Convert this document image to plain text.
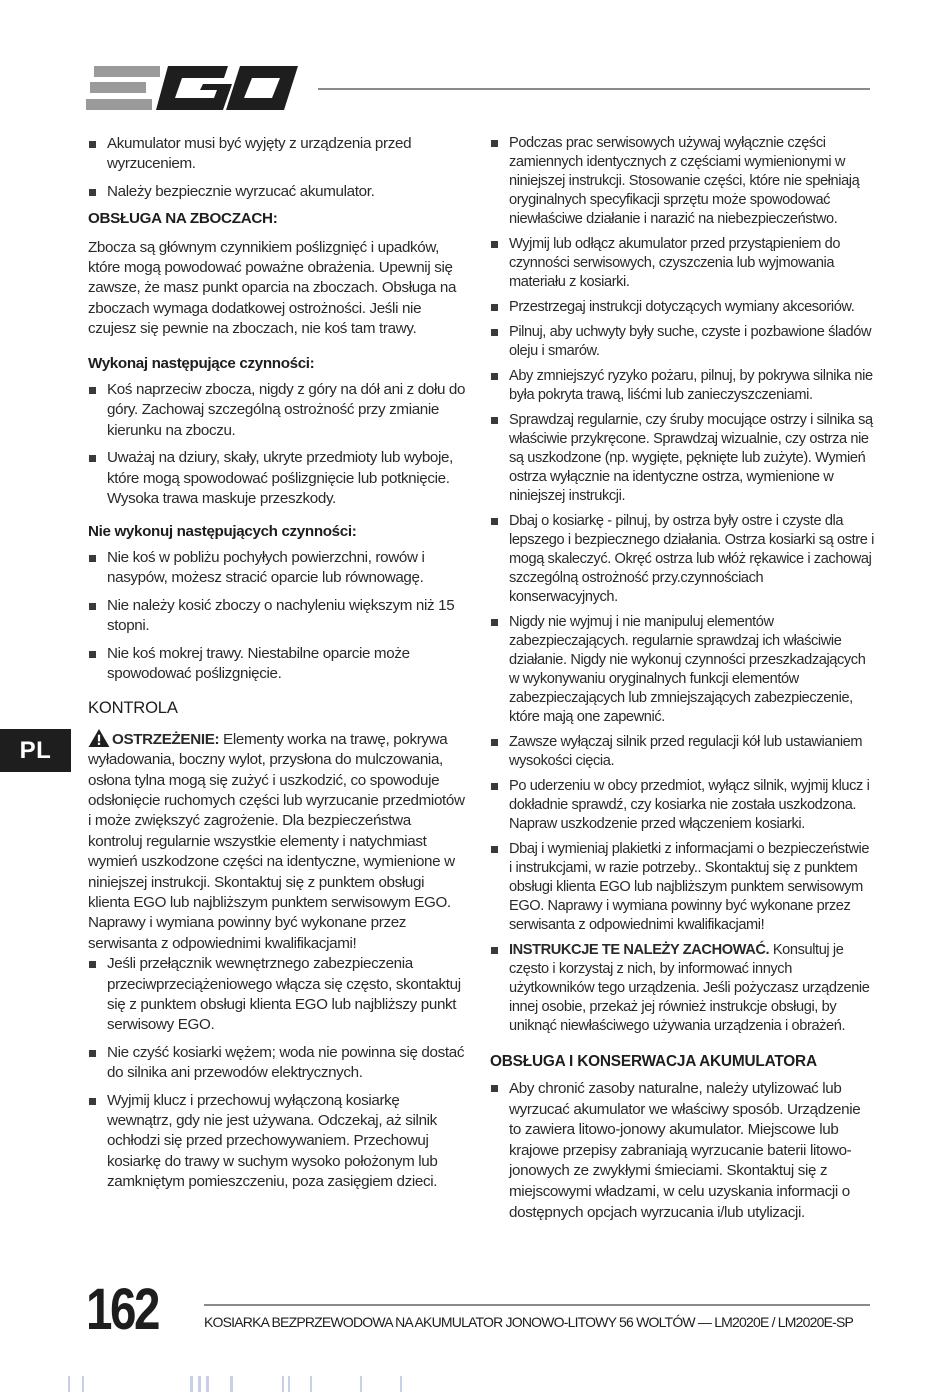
Akumulator musi być wyjęty z urządzenia przed wyrzuceniem.
Należy bezpiecznie wyrzucać akumulator.
OBSŁUGA NA ZBOCZACH:

Zbocza są głównym czynnikiem poślizgnięć i upadków, które mogą powodować poważne obrażenia. Upewnij się zawsze, że masz punkt oparcia na zboczach. Obsługa na zboczach wymaga dodatkowej ostrożności. Jeśli nie czujesz się pewnie na zboczach, nie koś tam trawy.

Wykonaj następujące czynności:
Koś naprzeciw zbocza, nigdy z góry na dół ani z dołu do góry. Zachowaj szczególną ostrożność przy zmianie kierunku na zboczu.
Uważaj na dziury, skały, ukryte przedmioty lub wyboje, które mogą spowodować poślizgnięcie lub potknięcie. Wysoka trawa maskuje przeszkody.
Nie wykonuj następujących czynności:
Nie koś w pobliżu pochyłych powierzchni, rowów i nasypów, możesz stracić oparcie lub równowagę.
Nie należy kosić zboczy o nachyleniu większym niż 15 stopni.
Nie koś mokrej trawy. Niestabilne oparcie może spowodować poślizgnięcie.
KONTROLA

OSTRZEŻENIE: Elementy worka na trawę, pokrywa wyładowania, boczny wylot, przysłona do mulczowania, osłona tylna mogą się zużyć i uszkodzić, co spowoduje odsłonięcie ruchomych części lub wyrzucanie przedmiotów i może zwiększyć zagrożenie. Dla bezpieczeństwa kontroluj regularnie wszystkie elementy i natychmiast wymień uszkodzone części na identyczne, wymienione w niniejszej instrukcji. Skontaktuj się z punktem obsługi klienta EGO lub najbliższym punktem serwisowym EGO. Naprawy i wymiana powinny być wykonane przez serwisanta z odpowiednimi kwalifikacjami!

Jeśli przełącznik wewnętrznego zabezpieczenia przeciwprzeciążeniowego włącza się często, skontaktuj się z punktem obsługi klienta EGO lub najbliższy punkt serwisowy EGO.
Nie czyść kosiarki wężem; woda nie powinna się dostać do silnika ani przewodów elektrycznych.
Wyjmij klucz i przechowuj wyłączoną kosiarkę wewnątrz, gdy nie jest używana. Odczekaj, aż silnik ochłodzi się przed przechowywaniem. Przechowuj kosiarkę do trawy w suchym wysoko położonym lub zamkniętym pomieszczeniu, poza zasięgiem dzieci.
Podczas prac serwisowych używaj wyłącznie części zamiennych identycznych z częściami wymienionymi w niniejszej instrukcji. Stosowanie części, które nie spełniają oryginalnych specyfikacji sprzętu może spowodować niewłaściwe działanie i narazić na niebezpieczeństwo.
Wyjmij lub odłącz akumulator przed przystąpieniem do czynności serwisowych, czyszczenia lub wyjmowania materiału z kosiarki.
Przestrzegaj instrukcji dotyczących wymiany akcesoriów.
Pilnuj, aby uchwyty były suche, czyste i pozbawione śladów oleju i smarów.
Aby zmniejszyć ryzyko pożaru, pilnuj, by pokrywa silnika nie była pokryta trawą, liśćmi lub zanieczyszczeniami.
Sprawdzaj regularnie, czy śruby mocujące ostrzy i silnika są właściwie przykręcone. Sprawdzaj wizualnie, czy ostrza nie są uszkodzone (np. wygięte, pęknięte lub zużyte). Wymień ostrza wyłącznie na identyczne ostrza, wymienione w niniejszej instrukcji.
Dbaj o kosiarkę - pilnuj, by ostrza były ostre i czyste dla lepszego i bezpiecznego działania. Ostrza kosiarki są ostre i mogą skaleczyć. Okręć ostrza lub włóż rękawice i zachowaj szczególną ostrożność przy.czynnościach konserwacyjnych.
Nigdy nie wyjmuj i nie manipuluj elementów zabezpieczających. regularnie sprawdzaj ich właściwie działanie. Nigdy nie wykonuj czynności przeszkadzających w wykonywaniu oryginalnych funkcji elementów zabezpieczających lub zmniejszających zabezpieczenie, które mają one zapewnić.
Zawsze wyłączaj silnik przed regulacji kół lub ustawianiem wysokości cięcia.
Po uderzeniu w obcy przedmiot, wyłącz silnik, wyjmij klucz i dokładnie sprawdź, czy kosiarka nie została uszkodzona. Napraw uszkodzenie przed włączeniem kosiarki.
Dbaj i wymieniaj plakietki z informacjami o bezpieczeństwie i instrukcjami, w razie potrzeby.. Skontaktuj się z punktem obsługi klienta EGO lub najbliższym punktem serwisowym EGO. Naprawy i wymiana powinny być wykonane przez serwisanta z odpowiednimi kwalifikacjami!
INSTRUKCJE TE NALEŻY ZACHOWAĆ. Konsultuj je często i korzystaj z nich, by informować innych użytkowników tego urządzenia. Jeśli pożyczasz urządzenie innej osobie, przekaż jej również instrukcje obsługi, by uniknąć niewłaściwego używania urządzenia i obrażeń.
OBSŁUGA I KONSERWACJA AKUMULATORA
Aby chronić zasoby naturalne, należy utylizować lub wyrzucać akumulator we właściwy sposób. Urządzenie to zawiera litowo-jonowy akumulator. Miejscowe lub krajowe przepisy zabraniają wyrzucanie baterii litowo-jonowych ze zwykłymi śmieciami. Skontaktuj się z miejscowymi władzami, w celu uzyskania informacji o dostępnych opcjach wyrzucania i/lub utylizacji.
PL
162	KOSIARKA BEZPRZEWODOWA NA AKUMULATOR JONOWO-LITOWY 56 WOLTÓW — LM2020E / LM2020E-SP
